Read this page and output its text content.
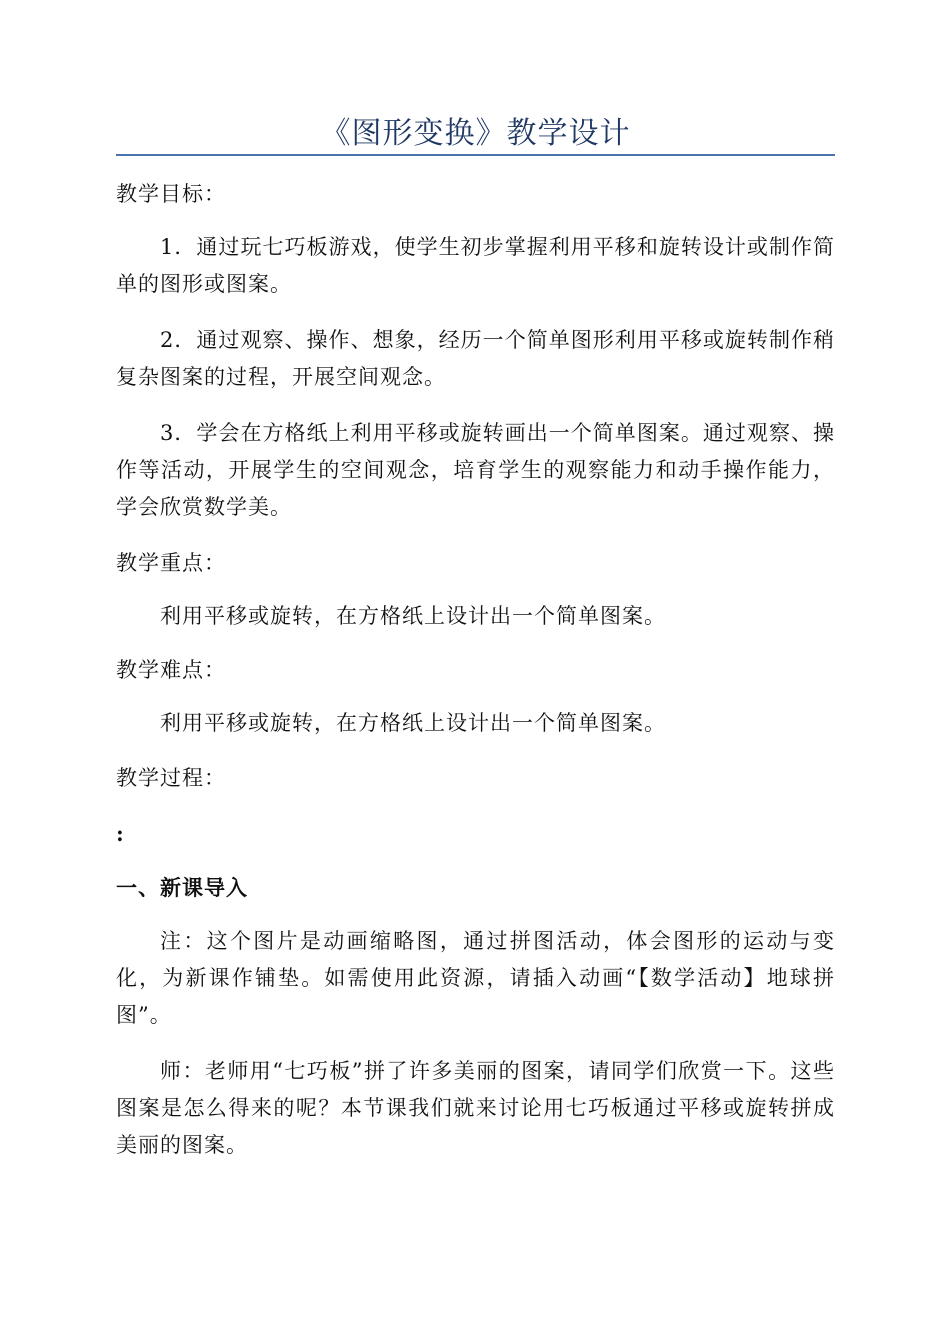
《图形变换》教学设计

教学目标：

1．通过玩七巧板游戏，使学生初步掌握利用平移和旋转设计或制作简单的图形或图案。

2．通过观察、操作、想象，经历一个简单图形利用平移或旋转制作稍复杂图案的过程，开展空间观念。

3．学会在方格纸上利用平移或旋转画出一个简单图案。通过观察、操作等活动，开展学生的空间观念，培育学生的观察能力和动手操作能力，学会欣赏数学美。

教学重点：

利用平移或旋转，在方格纸上设计出一个简单图案。

教学难点：

利用平移或旋转，在方格纸上设计出一个简单图案。

教学过程：

:

一、新课导入

注：这个图片是动画缩略图，通过拼图活动，体会图形的运动与变化，为新课作铺垫。如需使用此资源，请插入动画“【数学活动】地球拼图”。

师：老师用“七巧板”拼了许多美丽的图案，请同学们欣赏一下。这些图案是怎么得来的呢？本节课我们就来讨论用七巧板通过平移或旋转拼成美丽的图案。
